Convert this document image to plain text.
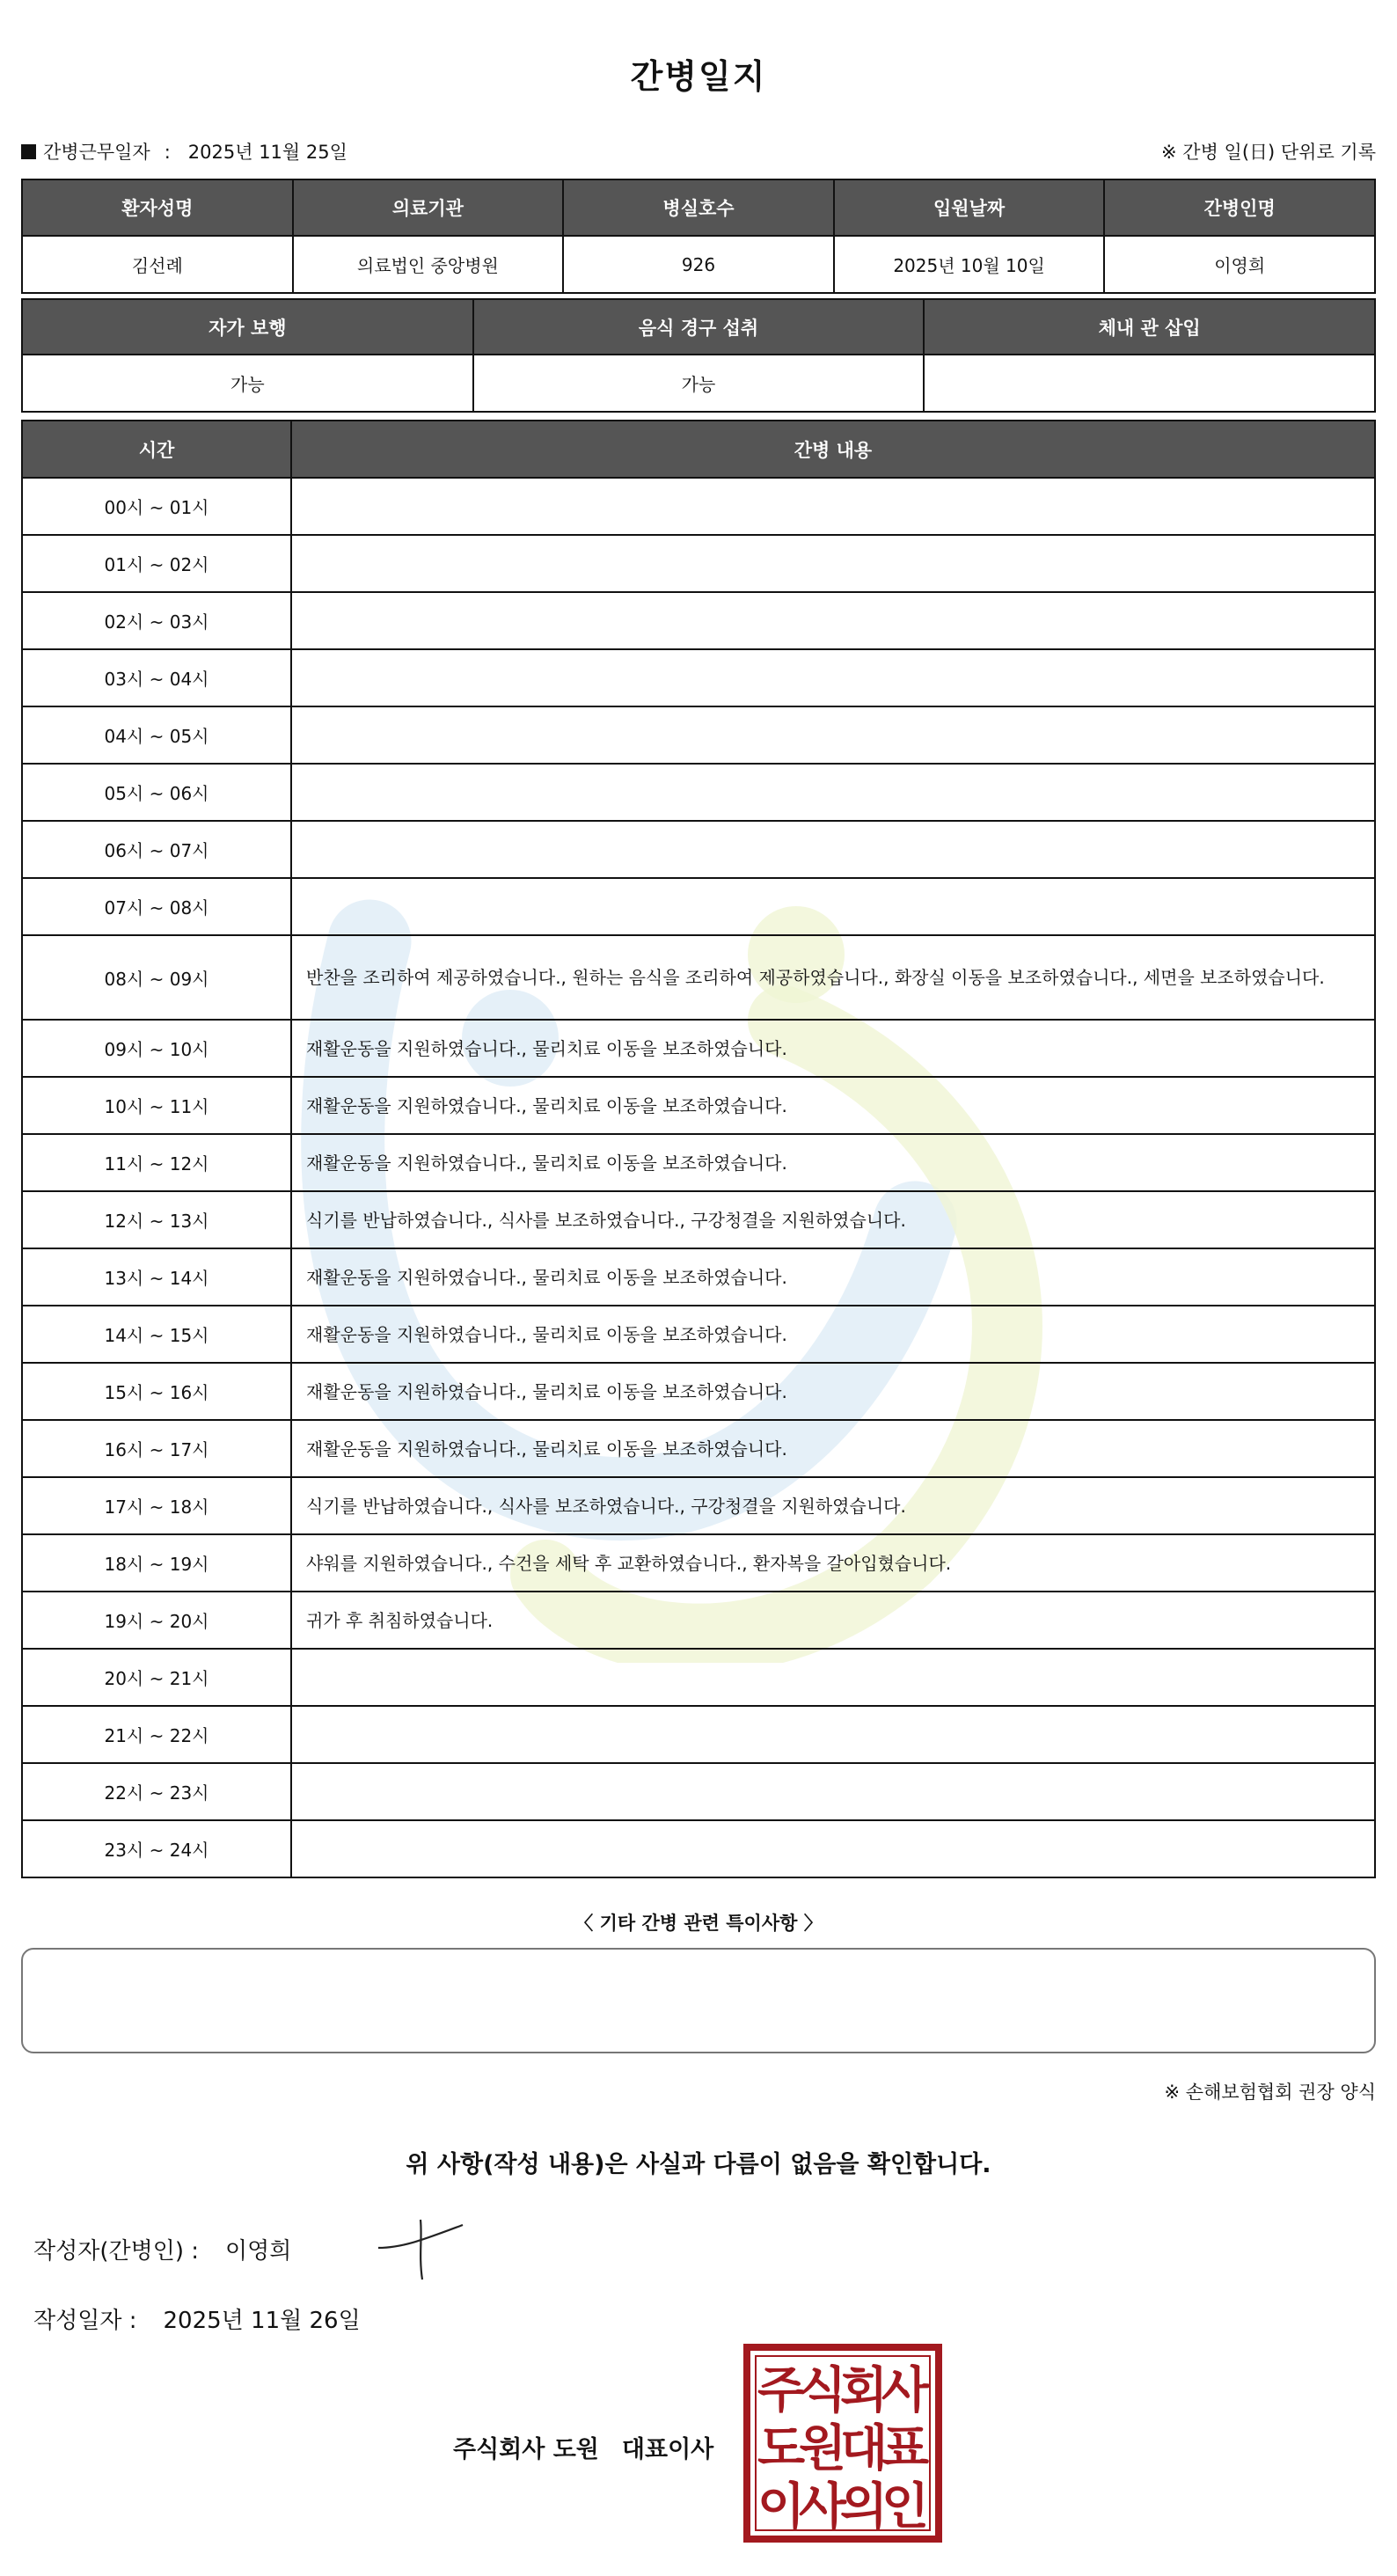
간병일지
간병근무일자 : 2025년 11월 25일	※ 간병 일(日) 단위로 기록
환자성명	의료기관	병실호수	입원날짜	간병인명
김선례	의료법인 중앙병원	926	2025년 10월 10일	이영희
자가 보행	음식 경구 섭취	체내 관 삽입
가능	가능	
시간	간병 내용
00시 ~ 01시	
01시 ~ 02시	
02시 ~ 03시	
03시 ~ 04시	
04시 ~ 05시	
05시 ~ 06시	
06시 ~ 07시	
07시 ~ 08시	
08시 ~ 09시	반찬을 조리하여 제공하였습니다., 원하는 음식을 조리하여 제공하였습니다., 화장실 이동을 보조하였습니다., 세면을 보조하였습니다.
09시 ~ 10시	재활운동을 지원하였습니다., 물리치료 이동을 보조하였습니다.
10시 ~ 11시	재활운동을 지원하였습니다., 물리치료 이동을 보조하였습니다.
11시 ~ 12시	재활운동을 지원하였습니다., 물리치료 이동을 보조하였습니다.
12시 ~ 13시	식기를 반납하였습니다., 식사를 보조하였습니다., 구강청결을 지원하였습니다.
13시 ~ 14시	재활운동을 지원하였습니다., 물리치료 이동을 보조하였습니다.
14시 ~ 15시	재활운동을 지원하였습니다., 물리치료 이동을 보조하였습니다.
15시 ~ 16시	재활운동을 지원하였습니다., 물리치료 이동을 보조하였습니다.
16시 ~ 17시	재활운동을 지원하였습니다., 물리치료 이동을 보조하였습니다.
17시 ~ 18시	식기를 반납하였습니다., 식사를 보조하였습니다., 구강청결을 지원하였습니다.
18시 ~ 19시	샤워를 지원하였습니다., 수건을 세탁 후 교환하였습니다., 환자복을 갈아입혔습니다.
19시 ~ 20시	귀가 후 취침하였습니다.
20시 ~ 21시	
21시 ~ 22시	
22시 ~ 23시	
23시 ~ 24시	
〈 기타 간병 관련 특이사항 〉
※ 손해보험협회 권장 양식
위 사항(작성 내용)은 사실과 다름이 없음을 확인합니다.
작성자(간병인) : 이영희
작성일자 : 2025년 11월 26일
주식회사 도원 대표이사
주
식
회
사
도
원
대
표
이
사
의
인
